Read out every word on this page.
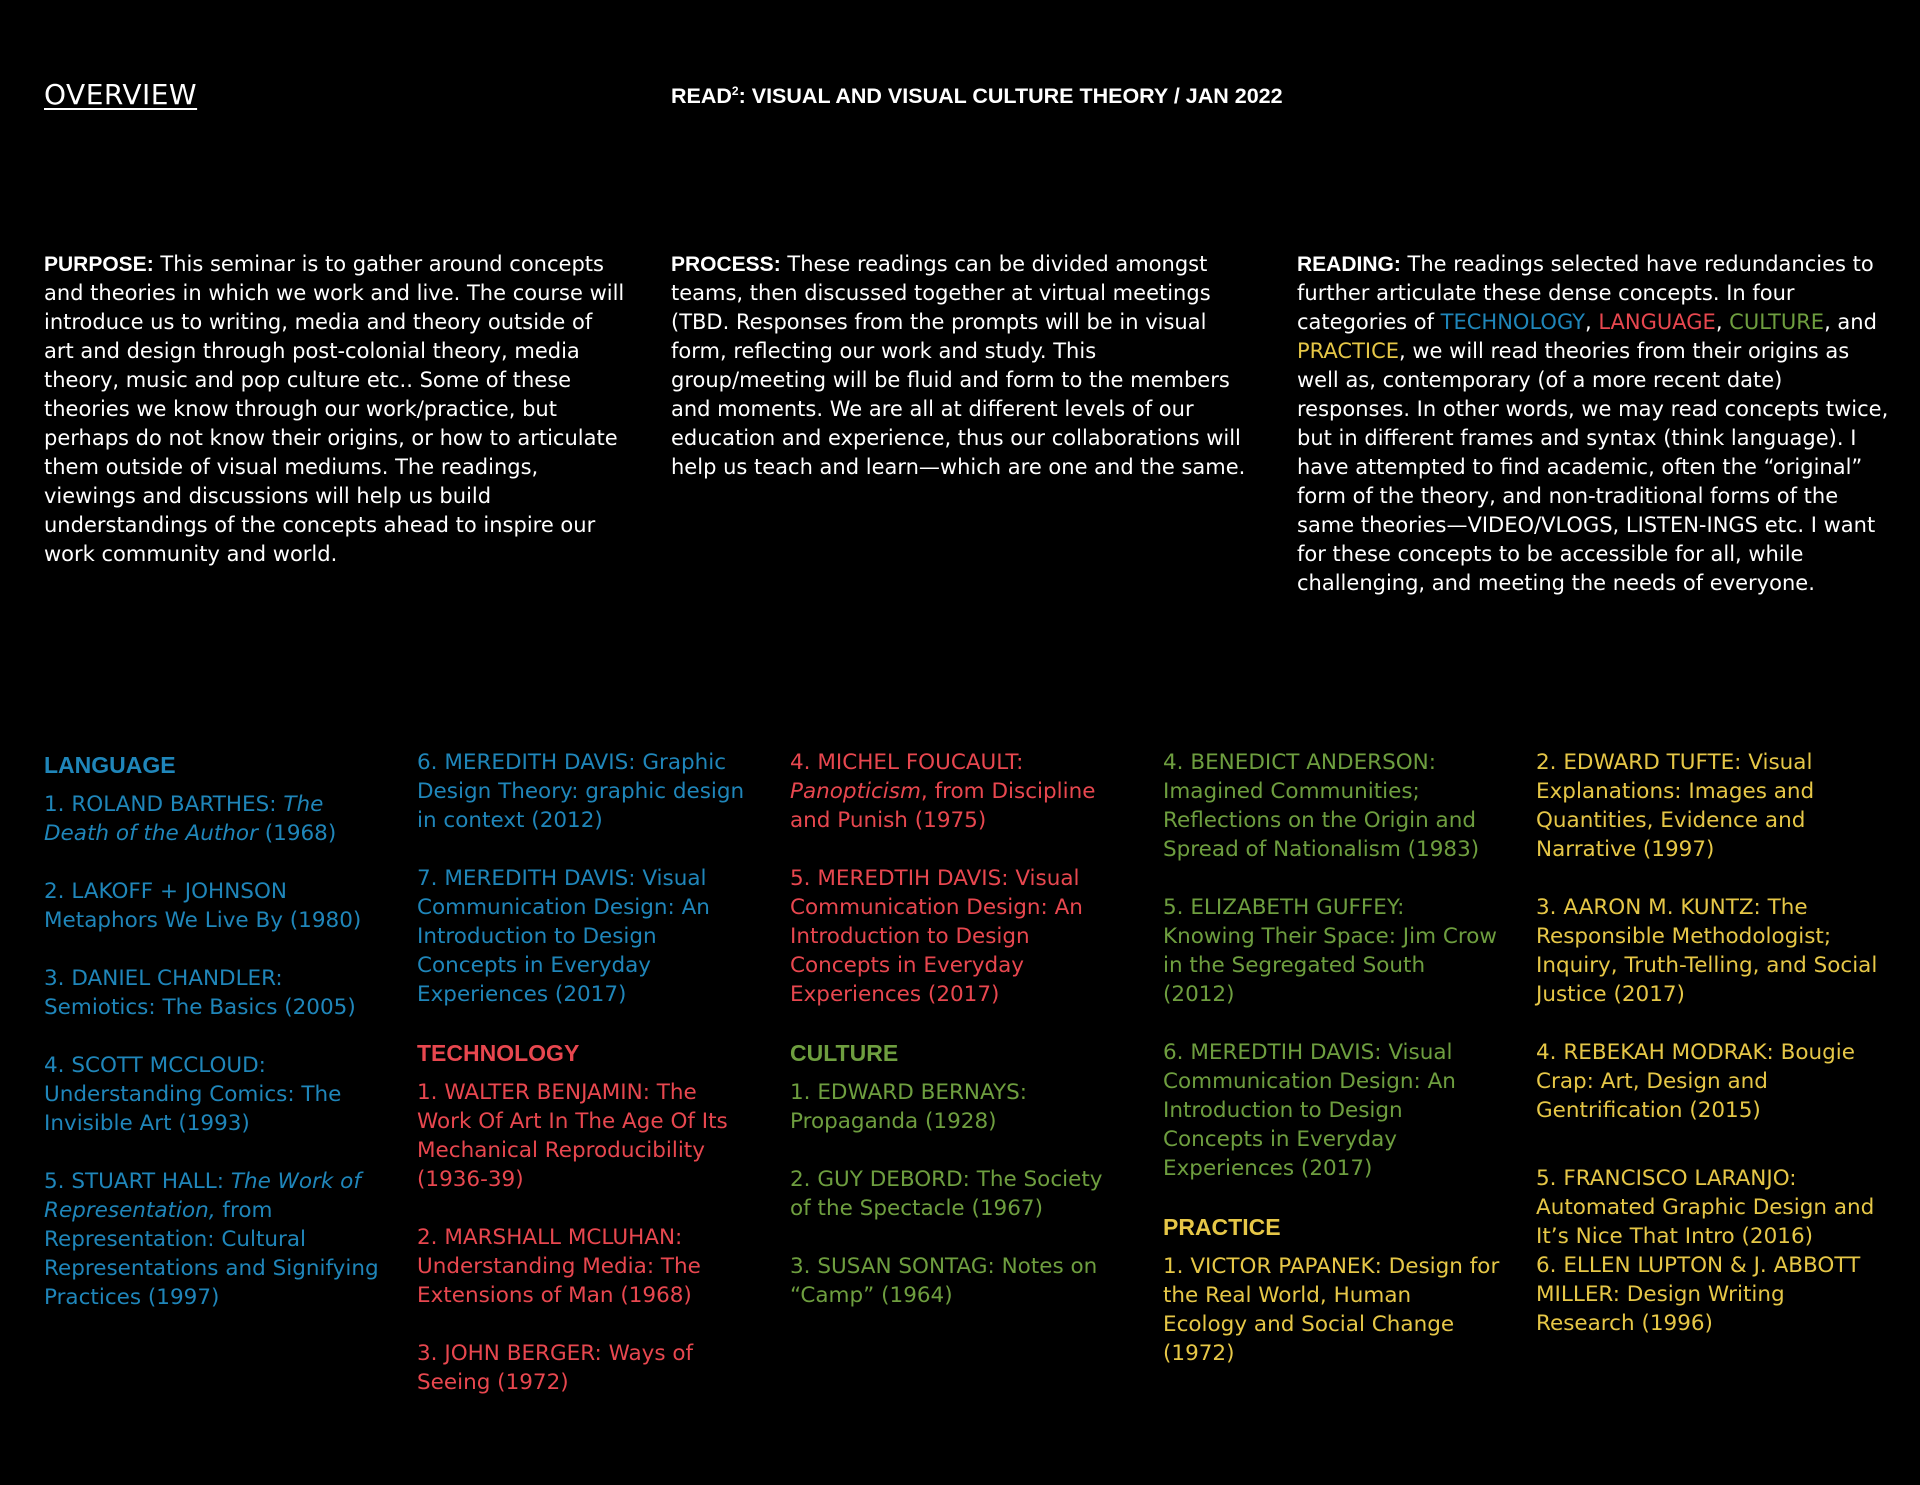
OVERVIEW	READ$^2$: VISUAL AND VISUAL CULTURE THEORY / JAN 2022
PURPOSE: This seminar is to gather around concepts and theories in which we work and live. The course will introduce us to writing, media and theory outside of art and design through post-colonial theory, media theory, music and pop culture etc.. Some of these theories we know through our work/practice, but perhaps do not know their origins, or how to articulate them outside of visual mediums. The readings, viewings and discussions will help us build understandings of the concepts ahead to inspire our work community and world.
PROCESS: These readings can be divided amongst teams, then discussed together at virtual meetings (TBD. Responses from the prompts will be in visual form, reflecting our work and study. This group/meeting will be fluid and form to the members and moments. We are all at different levels of our education and experience, thus our collaborations will help us teach and learn—which are one and the same.
READING: The readings selected have redundancies to further articulate these dense concepts. In four categories of TECHNOLOGY, LANGUAGE, CULTURE, and PRACTICE, we will read theories from their origins as well as, contemporary (of a more recent date) responses. In other words, we may read concepts twice, but in different frames and syntax (think language). I have attempted to find academic, often the “original” form of the theory, and non-traditional forms of the same theories—VIDEO/VLOGS, LISTEN-INGS etc. I want for these concepts to be accessible for all, while challenging, and meeting the needs of everyone.
LANGUAGE
1. ROLAND BARTHES: The Death of the Author (1968)
2. LAKOFF + JOHNSON Metaphors We Live By (1980)
3. DANIEL CHANDLER: Semiotics: The Basics (2005)
4. SCOTT MCCLOUD: Understanding Comics: The Invisible Art (1993)
5. STUART HALL: The Work of Representation, from Representation: Cultural Representations and Signifying Practices (1997)
6. MEREDITH DAVIS: Graphic Design Theory: graphic design in context (2012)
7. MEREDITH DAVIS: Visual Communication Design: An Introduction to Design Concepts in Everyday Experiences (2017)
TECHNOLOGY
1. WALTER BENJAMIN: The Work Of Art In The Age Of Its Mechanical Reproducibility (1936-39)
2. MARSHALL MCLUHAN: Understanding Media: The Extensions of Man (1968)
3. JOHN BERGER: Ways of Seeing (1972)
4. MICHEL FOUCAULT: Panopticism, from Discipline and Punish (1975)
5. MEREDTIH DAVIS: Visual Communication Design: An Introduction to Design Concepts in Everyday Experiences (2017)
CULTURE
1. EDWARD BERNAYS: Propaganda (1928)
2. GUY DEBORD: The Society of the Spectacle (1967)
3. SUSAN SONTAG: Notes on “Camp” (1964)
4. BENEDICT ANDERSON: Imagined Communities; Reflections on the Origin and Spread of Nationalism (1983)
5. ELIZABETH GUFFEY: Knowing Their Space: Jim Crow in the Segregated South (2012)
6. MEREDTIH DAVIS: Visual Communication Design: An Introduction to Design Concepts in Everyday Experiences (2017)
PRACTICE
1. VICTOR PAPANEK: Design for the Real World, Human Ecology and Social Change (1972)
2. EDWARD TUFTE: Visual Explanations: Images and Quantities, Evidence and Narrative (1997)
3. AARON M. KUNTZ: The Responsible Methodologist; Inquiry, Truth-Telling, and Social Justice (2017)
4. REBEKAH MODRAK: Bougie Crap: Art, Design and Gentrification (2015)
5. FRANCISCO LARANJO: Automated Graphic Design and It’s Nice That Intro (2016)
6. ELLEN LUPTON & J. ABBOTT MILLER: Design Writing Research (1996)
